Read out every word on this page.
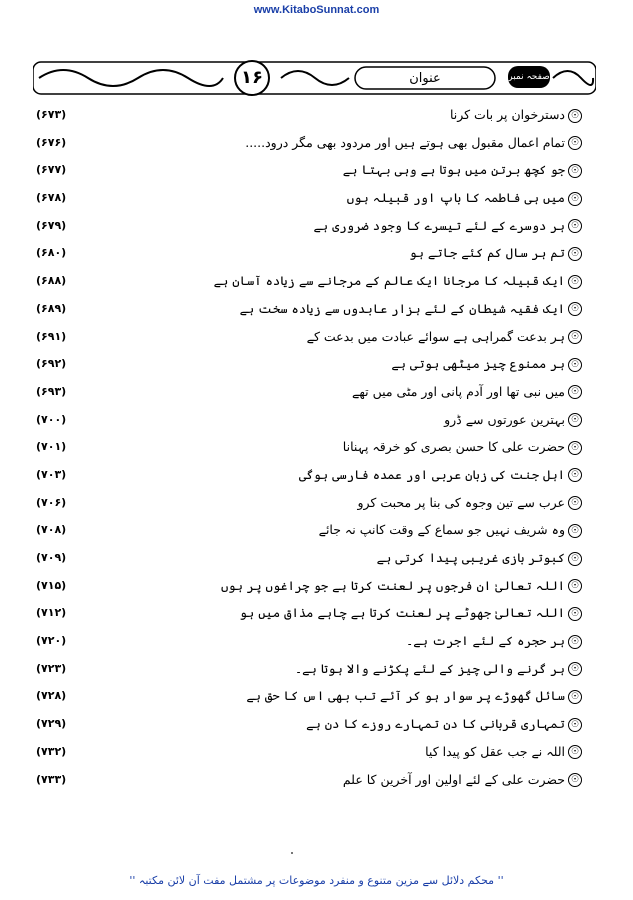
www.KitaboSunnat.com
۱۶	عنوان	صفحہ نمبر
☉دسترخوان پر بات کرنا
(۶۷۳)
☉تمام اعمال مقبول بھی ہوتے ہیں اور مردود بھی مگر درود.....
(۶۷۶)
☉جو کچھ برتن میں ہوتا ہے وہی بہتا ہے
(۶۷۷)
☉میں ہی فاطمہ کا باپ اور قبیلہ ہوں
(۶۷۸)
☉ہر دوسرے کے لئے تیسرے کا وجود ضروری ہے
(۶۷۹)
☉تم ہر سال کم کئے جاتے ہو
(۶۸۰)
☉ایک قبیلہ کا مرجانا ایک عالم کے مرجانے سے زیادہ آسان ہے
(۶۸۸)
☉ایک فقیہ شیطان کے لئے ہزار عابدوں سے زیادہ سخت ہے
(۶۸۹)
☉ہر بدعت گمراہی ہے سوائے عبادت میں بدعت کے
(۶۹۱)
☉ہر ممنوع چیز میٹھی ہوتی ہے
(۶۹۲)
☉میں نبی تھا اور آدم پانی اور مٹی میں تھے
(۶۹۳)
☉بہترین عورتوں سے ڈرو
(۷۰۰)
☉حضرت علی کا حسن بصری کو خرقہ پہنانا
(۷۰۱)
☉اہل جنت کی زبان عربی اور عمدہ فارسی ہوگی
(۷۰۳)
☉عرب سے تین وجوہ کی بنا پر محبت کرو
(۷۰۶)
☉وہ شریف نہیں جو سماع کے وقت کانپ نہ جائے
(۷۰۸)
☉کبوتر بازی غریبی پیدا کرتی ہے
(۷۰۹)
☉اللہ تعالیٰ ان فرجوں پر لعنت کرتا ہے جو چراغوں پر ہوں
(۷۱۵)
☉اللہ تعالیٰ جھوٹے پر لعنت کرتا ہے چاہے مذاق میں ہو
(۷۱۲)
☉ہر حجرہ کے لئے اجرت ہے۔
(۷۲۰)
☉ہر گرنے والی چیز کے لئے پکڑنے والا ہوتا ہے۔
(۷۲۳)
☉سائل گھوڑے پر سوار ہو کر آئے تب بھی اس کا حق ہے
(۷۲۸)
☉تمہاری قربانی کا دن تمہارے روزے کا دن ہے
(۷۲۹)
☉اللہ نے جب عقل کو پیدا کیا
(۷۳۲)
☉حضرت علی کے لئے اولین اور آخرین کا علم
(۷۳۳)
'' محکم دلائل سے مزین متنوع و منفرد موضوعات پر مشتمل مفت آن لائن مکتبہ ''
